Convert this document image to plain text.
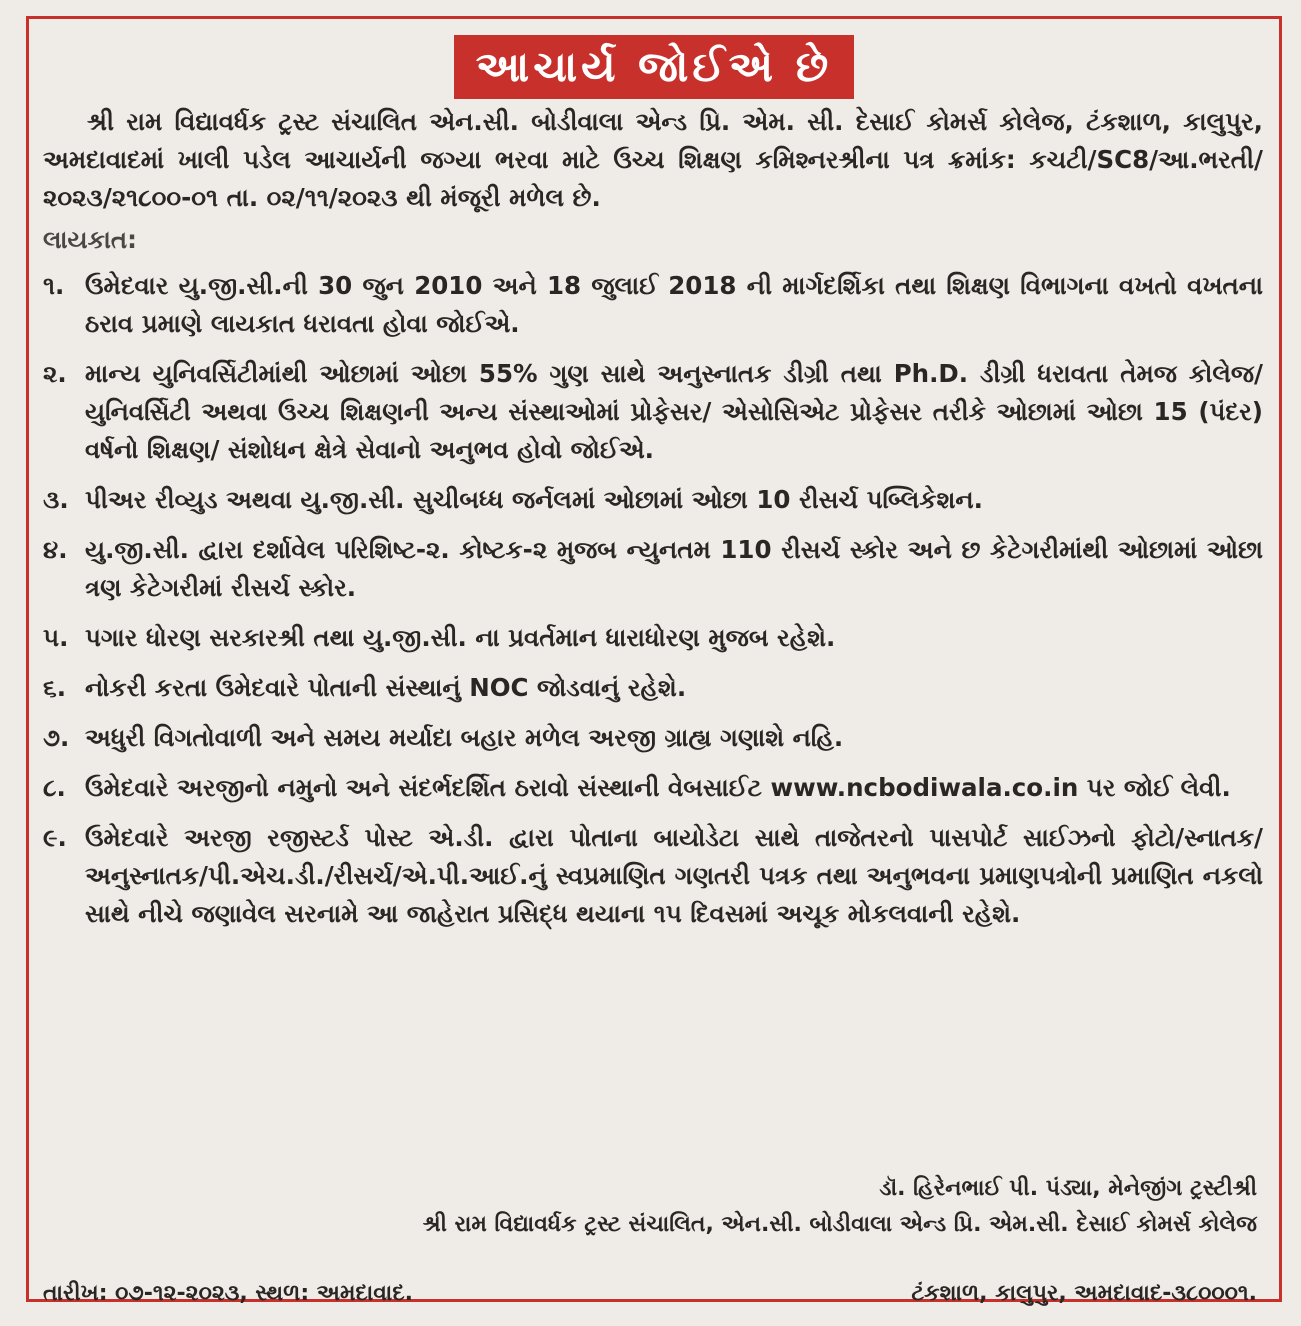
આચાર્ય જોઈએ છે

શ્રી રામ વિદ્યાવર્ધક ટ્રસ્ટ સંચાલિત એન.સી. બોડીવાલા એન્ડ પ્રિ. એમ. સી. દેસાઈ કોમર્સ કોલેજ, ટંકશાળ, કાલુપુર, અમદાવાદમાં ખાલી પડેલ આચાર્યની જગ્યા ભરવા માટે ઉચ્ચ શિક્ષણ કમિશ્નરશ્રીના પત્ર ક્રમાંક: કચટી/SC8/આ.ભરતી/૨૦૨૩/૨૧૮૦૦-૦૧ તા. ૦૨/૧૧/૨૦૨૩ થી મંજૂરી મળેલ છે.

લાયકાત:
૧. ઉમેદવાર યુ.જી.સી.ની 30 જુન 2010 અને 18 જુલાઈ 2018 ની માર્ગદર્શિકા તથા શિક્ષણ વિભાગના વખતો વખતના ઠરાવ પ્રમાણે લાયકાત ધરાવતા હોવા જોઈએ.
૨. માન્ય યુનિવર્સિટીમાંથી ઓછામાં ઓછા 55% ગુણ સાથે અનુસ્નાતક ડીગ્રી તથા Ph.D. ડીગ્રી ધરાવતા તેમજ કોલેજ/યુનિવર્સિટી અથવા ઉચ્ચ શિક્ષણની અન્ય સંસ્થાઓમાં પ્રોફેસર/ એસોસિએટ પ્રોફેસર તરીકે ઓછામાં ઓછા 15 (પંદર) વર્ષનો શિક્ષણ/ સંશોધન ક્ષેત્રે સેવાનો અનુભવ હોવો જોઈએ.
૩. પીઅર રીવ્યુડ અથવા યુ.જી.સી. સુચીબધ્ધ જર્નલમાં ઓછામાં ઓછા 10 રીસર્ચ પબ્લિકેશન.
૪. યુ.જી.સી. દ્વારા દર્શાવેલ પરિશિષ્ટ-૨. કોષ્ટક-૨ મુજબ ન્યુનતમ 110 રીસર્ચ સ્કોર અને છ કેટેગરીમાંથી ઓછામાં ઓછા ત્રણ કેટેગરીમાં રીસર્ચ સ્કોર.
૫. પગાર ધોરણ સરકારશ્રી તથા યુ.જી.સી. ના પ્રવર્તમાન ધારાધોરણ મુજબ રહેશે.
૬. નોકરી કરતા ઉમેદવારે પોતાની સંસ્થાનું NOC જોડવાનું રહેશે.
૭. અધુરી વિગતોવાળી અને સમય મર્યાદા બહાર મળેલ અરજી ગ્રાહ્ય ગણાશે નહિ.
૮. ઉમેદવારે અરજીનો નમુનો અને સંદર્ભદર્શિત ઠરાવો સંસ્થાની વેબસાઈટ www.ncbodiwala.co.in પર જોઈ લેવી.
૯. ઉમેદવારે અરજી રજીસ્ટર્ડ પોસ્ટ એ.ડી. દ્વારા પોતાના બાયોડેટા સાથે તાજેતરનો પાસપોર્ટ સાઈઝનો ફોટો/સ્નાતક/અનુસ્નાતક/પી.એચ.ડી./રીસર્ચ/એ.પી.આઈ.નું સ્વપ્રમાણિત ગણતરી પત્રક તથા અનુભવના પ્રમાણપત્રોની પ્રમાણિત નકલો સાથે નીચે જણાવેલ સરનામે આ જાહેરાત પ્રસિદ્ધ થયાના ૧૫ દિવસમાં અચૂક મોકલવાની રહેશે.
ડૉ. હિરેનભાઈ પી. પંડ્યા, મેનેજીંગ ટ્રસ્ટીશ્રી
શ્રી રામ વિદ્યાવર્ધક ટ્રસ્ટ સંચાલિત, એન.સી. બોડીવાલા એન્ડ પ્રિ. એમ.સી. દેસાઈ કોમર્સ કોલેજ
તારીખ: ૦૭-૧૨-૨૦૨૩, સ્થળ: અમદાવાદ.	ટંકશાળ, કાલુપુર, અમદાવાદ-૩૮૦૦૦૧.
